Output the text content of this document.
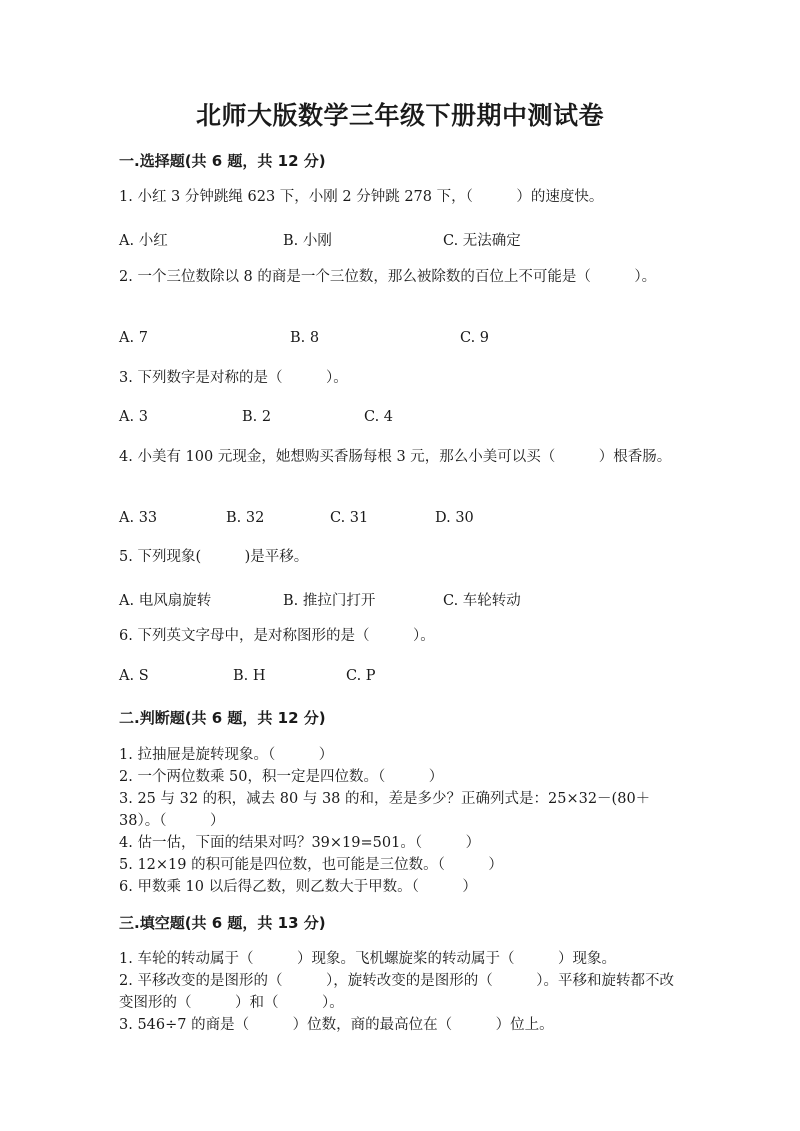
北师大版数学三年级下册期中测试卷
一.选择题(共 6 题，共 12 分)
1. 小红 3 分钟跳绳 623 下，小刚 2 分钟跳 278 下，（　　　）的速度快。
A. 小红	B. 小刚	C. 无法确定
2. 一个三位数除以 8 的商是一个三位数，那么被除数的百位上不可能是（　　　）。
A. 7	B. 8	C. 9
3. 下列数字是对称的是（　　　）。
A. 3	B. 2	C. 4
4. 小美有 100 元现金，她想购买香肠每根 3 元，那么小美可以买（　　　）根香肠。
A. 33	B. 32	C. 31	D. 30
5. 下列现象(　　　)是平移。
A. 电风扇旋转	B. 推拉门打开	C. 车轮转动
6. 下列英文字母中，是对称图形的是（　　　）。
A. S	B. H	C. P
二.判断题(共 6 题，共 12 分)
1. 拉抽屉是旋转现象。（　　　）
2. 一个两位数乘 50，积一定是四位数。（　　　）
3. 25 与 32 的积，减去 80 与 38 的和，差是多少？正确列式是：25×32－(80＋38）。（　　　）
4. 估一估，下面的结果对吗？39×19=501。（　　　）
5. 12×19 的积可能是四位数，也可能是三位数。（　　　）
6. 甲数乘 10 以后得乙数，则乙数大于甲数。（　　　）
三.填空题(共 6 题，共 13 分)
1. 车轮的转动属于（　　　）现象。飞机螺旋桨的转动属于（　　　）现象。
2. 平移改变的是图形的（　　　），旋转改变的是图形的（　　　）。平移和旋转都不改变图形的（　　　）和（　　　）。
3. 546÷7 的商是（　　　）位数，商的最高位在（　　　）位上。
